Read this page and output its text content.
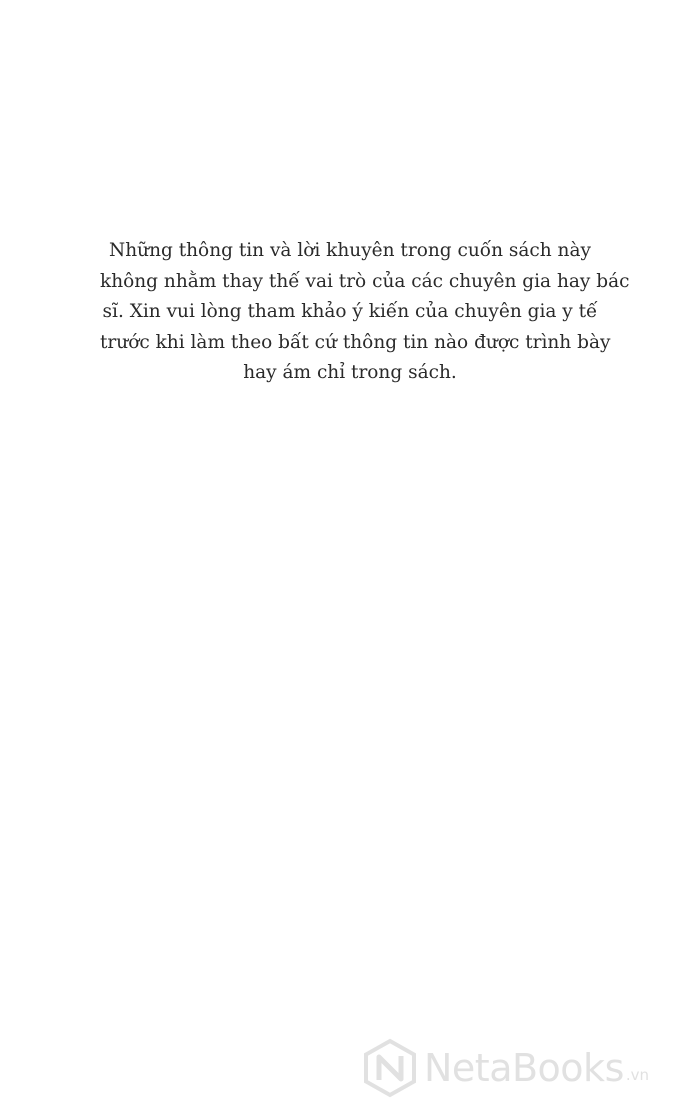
Những thông tin và lời khuyên trong cuốn sách này
không nhằm thay thế vai trò của các chuyên gia hay bác
sĩ. Xin vui lòng tham khảo ý kiến của chuyên gia y tế
trước khi làm theo bất cứ thông tin nào được trình bày
hay ám chỉ trong sách.
NetaBooks .vn
